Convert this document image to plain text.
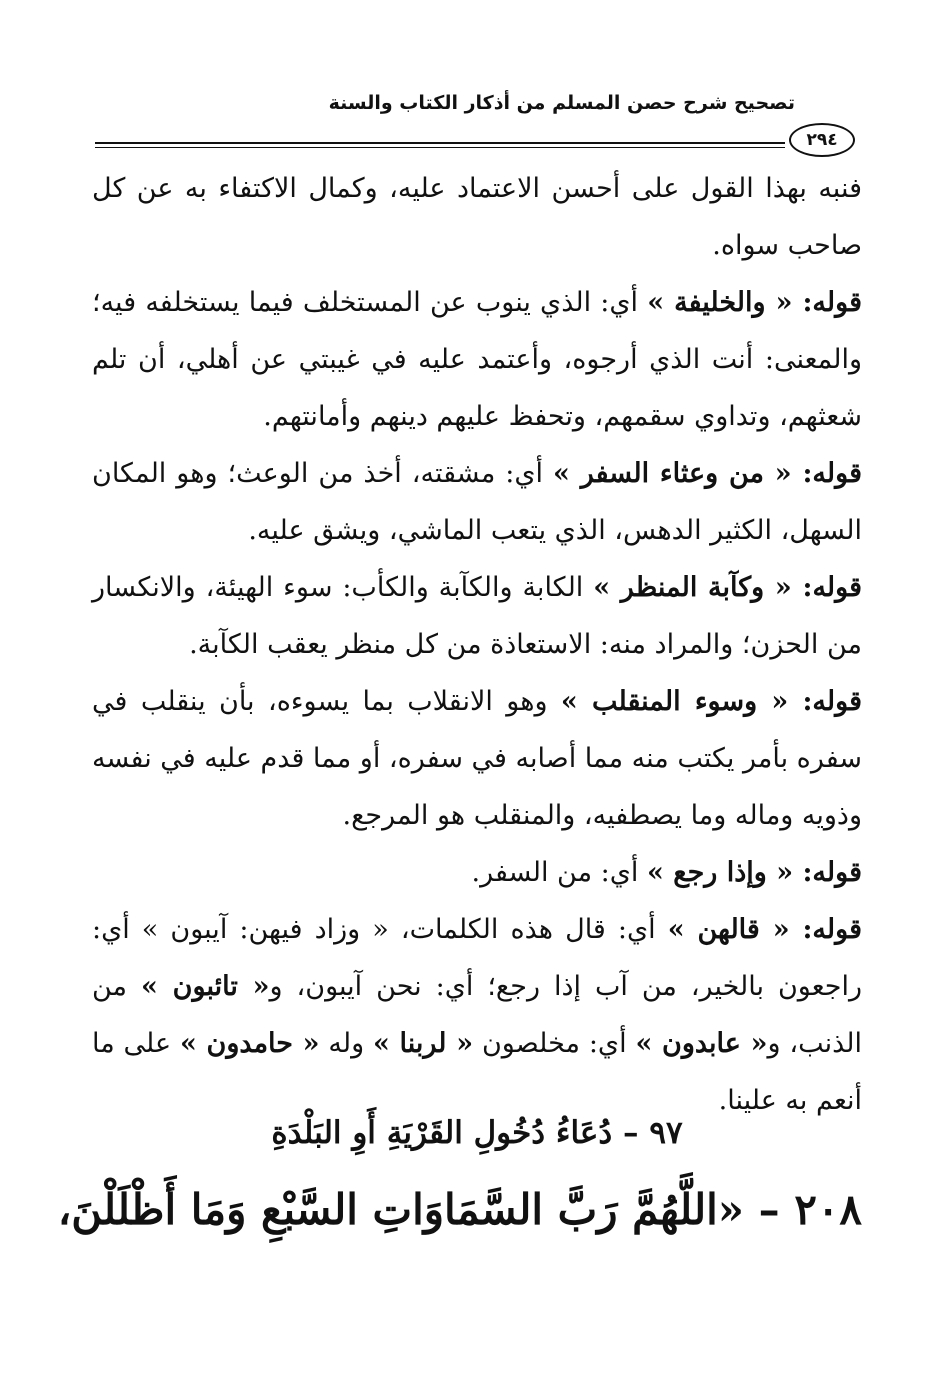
تصحيح شرح حصن المسلم من أذكار الكتاب والسنة
٢٩٤

فنبه بهذا القول على أحسن الاعتماد عليه، وكمال الاكتفاء به عن كل صاحب سواه.

قوله: « والخليفة » أي: الذي ينوب عن المستخلف فيما يستخلفه فيه؛ والمعنى: أنت الذي أرجوه، وأعتمد عليه في غيبتي عن أهلي، أن تلم شعثهم، وتداوي سقمهم، وتحفظ عليهم دينهم وأمانتهم.

قوله: « من وعثاء السفر » أي: مشقته، أخذ من الوعث؛ وهو المكان السهل، الكثير الدهس، الذي يتعب الماشي، ويشق عليه.

قوله: « وكآبة المنظر » الكابة والكآبة والكأب: سوء الهيئة، والانكسار من الحزن؛ والمراد منه: الاستعاذة من كل منظر يعقب الكآبة.

قوله: « وسوء المنقلب » وهو الانقلاب بما يسوءه، بأن ينقلب في سفره بأمر يكتب منه مما أصابه في سفره، أو مما قدم عليه في نفسه وذويه وماله وما يصطفيه، والمنقلب هو المرجع.

قوله: « وإذا رجع » أي: من السفر.

قوله: « قالهن » أي: قال هذه الكلمات، « وزاد فيهن: آيبون » أي: راجعون بالخير، من آب إذا رجع؛ أي: نحن آيبون، و« تائبون » من الذنب، و« عابدون » أي: مخلصون « لربنا » وله « حامدون » على ما أنعم به علينا.

٩٧ – دُعَاءُ دُخُولِ القَرْيَةِ أَوِ البَلْدَةِ
٢٠٨ – «اللَّهُمَّ رَبَّ السَّمَاوَاتِ السَّبْعِ وَمَا أَظْلَلْنَ،
